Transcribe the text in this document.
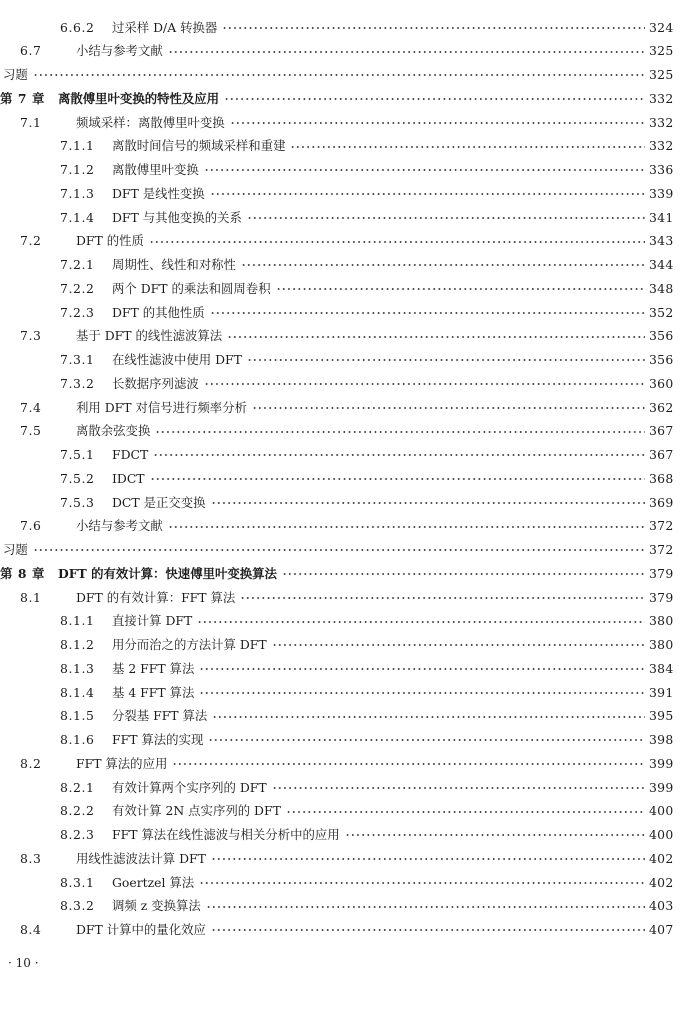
6.6.2	过采样 D/A 转换器	324
6.7	小结与参考文献	325
习题	325
第 7 章	离散傅里叶变换的特性及应用	332
7.1	频域采样：离散傅里叶变换	332
7.1.1	离散时间信号的频域采样和重建	332
7.1.2	离散傅里叶变换	336
7.1.3	DFT 是线性变换	339
7.1.4	DFT 与其他变换的关系	341
7.2	DFT 的性质	343
7.2.1	周期性、线性和对称性	344
7.2.2	两个 DFT 的乘法和圆周卷积	348
7.2.3	DFT 的其他性质	352
7.3	基于 DFT 的线性滤波算法	356
7.3.1	在线性滤波中使用 DFT	356
7.3.2	长数据序列滤波	360
7.4	利用 DFT 对信号进行频率分析	362
7.5	离散余弦变换	367
7.5.1	FDCT	367
7.5.2	IDCT	368
7.5.3	DCT 是正交变换	369
7.6	小结与参考文献	372
习题	372
第 8 章	DFT 的有效计算：快速傅里叶变换算法	379
8.1	DFT 的有效计算：FFT 算法	379
8.1.1	直接计算 DFT	380
8.1.2	用分而治之的方法计算 DFT	380
8.1.3	基 2 FFT 算法	384
8.1.4	基 4 FFT 算法	391
8.1.5	分裂基 FFT 算法	395
8.1.6	FFT 算法的实现	398
8.2	FFT 算法的应用	399
8.2.1	有效计算两个实序列的 DFT	399
8.2.2	有效计算 2N 点实序列的 DFT	400
8.2.3	FFT 算法在线性滤波与相关分析中的应用	400
8.3	用线性滤波法计算 DFT	402
8.3.1	Goertzel 算法	402
8.3.2	调频 z 变换算法	403
8.4	DFT 计算中的量化效应	407
· 10 ·
